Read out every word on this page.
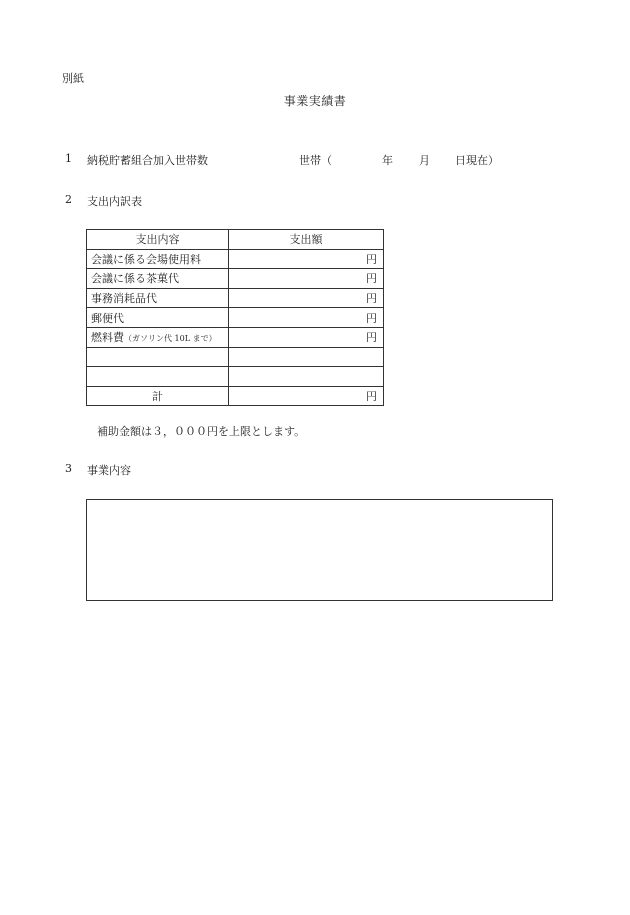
別紙
事業実績書
1 納税貯蓄組合加入世帯数	世帯（	年 月 日現在）
2 支出内訳表
支出内容	支出額
会議に係る会場使用料	円
会議に係る茶菓代	円
事務消耗品代	円
郵便代	円
燃料費（ガソリン代 10L まで）	円

計	円
補助金額は３，０００円を上限とします。
3 事業内容
